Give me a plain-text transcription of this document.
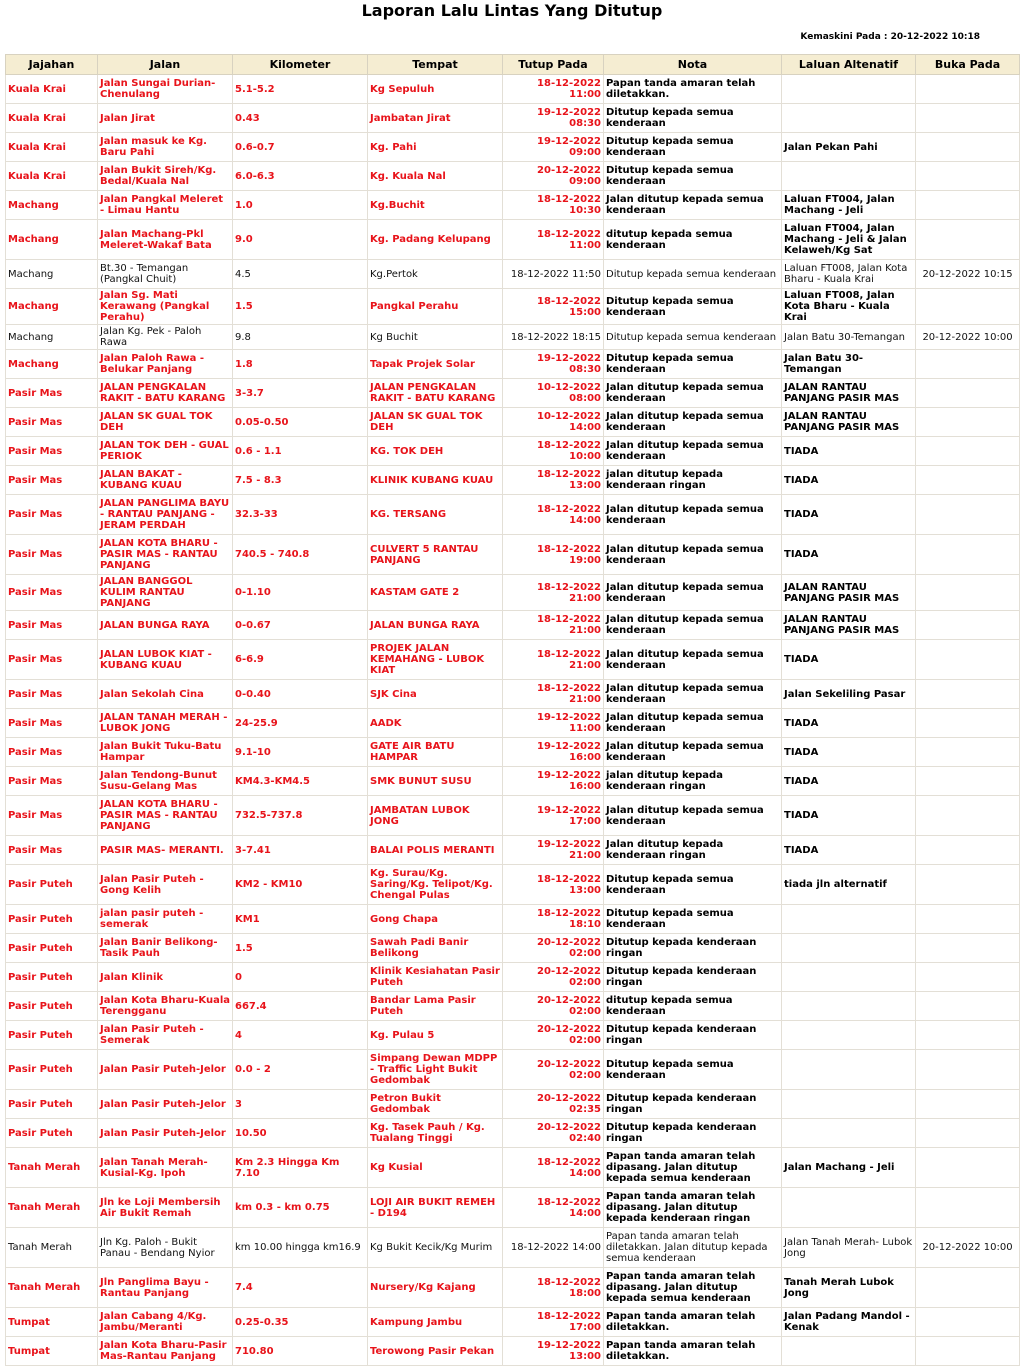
Laporan Lalu Lintas Yang Ditutup
Kemaskini Pada : 20-12-2022 10:18
Jajahan	Jalan	Kilometer	Tempat	Tutup Pada	Nota	Laluan Altenatif	Buka Pada
Kuala Krai	Jalan Sungai Durian-Chenulang	5.1-5.2	Kg Sepuluh	18-12-2022 11:00	Papan tanda amaran telah diletakkan.		
Kuala Krai	Jalan Jirat	0.43	Jambatan Jirat	19-12-2022 08:30	Ditutup kepada semua kenderaan		
Kuala Krai	Jalan masuk ke Kg. Baru Pahi	0.6-0.7	Kg. Pahi	19-12-2022 09:00	Ditutup kepada semua kenderaan	Jalan Pekan Pahi	
Kuala Krai	Jalan Bukit Sireh/Kg. Bedal/Kuala Nal	6.0-6.3	Kg. Kuala Nal	20-12-2022 09:00	Ditutup kepada semua kenderaan		
Machang	Jalan Pangkal Meleret - Limau Hantu	1.0	Kg.Buchit	18-12-2022 10:30	Jalan ditutup kepada semua kenderaan	Laluan FT004, Jalan Machang - Jeli	
Machang	Jalan Machang-Pkl Meleret-Wakaf Bata	9.0	Kg. Padang Kelupang	18-12-2022 11:00	ditutup kepada semua kenderaan	Laluan FT004, Jalan Machang - Jeli & Jalan Kelaweh/Kg Sat	
Machang	Bt.30 - Temangan (Pangkal Chuit)	4.5	Kg.Pertok	18-12-2022 11:50	Ditutup kepada semua kenderaan	Laluan FT008, Jalan Kota Bharu - Kuala Krai	20-12-2022 10:15
Machang	Jalan Sg. Mati Kerawang (Pangkal Perahu)	1.5	Pangkal Perahu	18-12-2022 15:00	Ditutup kepada semua kenderaan	Laluan FT008, Jalan Kota Bharu - Kuala Krai	
Machang	Jalan Kg. Pek - Paloh Rawa	9.8	Kg Buchit	18-12-2022 18:15	Ditutup kepada semua kenderaan	Jalan Batu 30-Temangan	20-12-2022 10:00
Machang	Jalan Paloh Rawa - Belukar Panjang	1.8	Tapak Projek Solar	19-12-2022 08:30	Ditutup kepada semua kenderaan	Jalan Batu 30-Temangan	
Pasir Mas	JALAN PENGKALAN RAKIT - BATU KARANG	3-3.7	JALAN PENGKALAN RAKIT - BATU KARANG	10-12-2022 08:00	Jalan ditutup kepada semua kenderaan	JALAN RANTAU PANJANG PASIR MAS	
Pasir Mas	JALAN SK GUAL TOK DEH	0.05-0.50	JALAN SK GUAL TOK DEH	10-12-2022 14:00	Jalan ditutup kepada semua kenderaan	JALAN RANTAU PANJANG PASIR MAS	
Pasir Mas	JALAN TOK DEH - GUAL PERIOK	0.6 - 1.1	KG. TOK DEH	18-12-2022 10:00	Jalan ditutup kepada semua kenderaan	TIADA	
Pasir Mas	JALAN BAKAT - KUBANG KUAU	7.5 - 8.3	KLINIK KUBANG KUAU	18-12-2022 13:00	jalan ditutup kepada kenderaan ringan	TIADA	
Pasir Mas	JALAN PANGLIMA BAYU - RANTAU PANJANG - JERAM PERDAH	32.3-33	KG. TERSANG	18-12-2022 14:00	Jalan ditutup kepada semua kenderaan	TIADA	
Pasir Mas	JALAN KOTA BHARU - PASIR MAS - RANTAU PANJANG	740.5 - 740.8	CULVERT 5 RANTAU PANJANG	18-12-2022 19:00	Jalan ditutup kepada semua kenderaan	TIADA	
Pasir Mas	JALAN BANGGOL KULIM RANTAU PANJANG	0-1.10	KASTAM GATE 2	18-12-2022 21:00	Jalan ditutup kepada semua kenderaan	JALAN RANTAU PANJANG PASIR MAS	
Pasir Mas	JALAN BUNGA RAYA	0-0.67	JALAN BUNGA RAYA	18-12-2022 21:00	Jalan ditutup kepada semua kenderaan	JALAN RANTAU PANJANG PASIR MAS	
Pasir Mas	JALAN LUBOK KIAT - KUBANG KUAU	6-6.9	PROJEK JALAN KEMAHANG - LUBOK KIAT	18-12-2022 21:00	Jalan ditutup kepada semua kenderaan	TIADA	
Pasir Mas	Jalan Sekolah Cina	0-0.40	SJK Cina	18-12-2022 21:00	Jalan ditutup kepada semua kenderaan	Jalan Sekeliling Pasar	
Pasir Mas	JALAN TANAH MERAH - LUBOK JONG	24-25.9	AADK	19-12-2022 11:00	Jalan ditutup kepada semua kenderaan	TIADA	
Pasir Mas	Jalan Bukit Tuku-Batu Hampar	9.1-10	GATE AIR BATU HAMPAR	19-12-2022 16:00	Jalan ditutup kepada semua kenderaan	TIADA	
Pasir Mas	Jalan Tendong-Bunut Susu-Gelang Mas	KM4.3-KM4.5	SMK BUNUT SUSU	19-12-2022 16:00	jalan ditutup kepada kenderaan ringan	TIADA	
Pasir Mas	JALAN KOTA BHARU - PASIR MAS - RANTAU PANJANG	732.5-737.8	JAMBATAN LUBOK JONG	19-12-2022 17:00	Jalan ditutup kepada semua kenderaan	TIADA	
Pasir Mas	PASIR MAS- MERANTI.	3-7.41	BALAI POLIS MERANTI	19-12-2022 21:00	Jalan ditutup kepada kenderaan ringan	TIADA	
Pasir Puteh	Jalan Pasir Puteh - Gong Kelih	KM2 - KM10	Kg. Surau/Kg. Saring/Kg. Telipot/Kg. Chengal Pulas	18-12-2022 13:00	Ditutup kepada semua kenderaan	tiada jln alternatif	
Pasir Puteh	jalan pasir puteh - semerak	KM1	Gong Chapa	18-12-2022 18:10	Ditutup kepada semua kenderaan		
Pasir Puteh	Jalan Banir Belikong-Tasik Pauh	1.5	Sawah Padi Banir Belikong	20-12-2022 02:00	Ditutup kepada kenderaan ringan		
Pasir Puteh	Jalan Klinik	0	Klinik Kesiahatan Pasir Puteh	20-12-2022 02:00	Ditutup kepada kenderaan ringan		
Pasir Puteh	Jalan Kota Bharu-Kuala Terengganu	667.4	Bandar Lama Pasir Puteh	20-12-2022 02:00	ditutup kepada semua kenderaan		
Pasir Puteh	Jalan Pasir Puteh - Semerak	4	Kg. Pulau 5	20-12-2022 02:00	Ditutup kepada kenderaan ringan		
Pasir Puteh	Jalan Pasir Puteh-Jelor	0.0 - 2	Simpang Dewan MDPP - Traffic Light Bukit Gedombak	20-12-2022 02:00	Ditutup kepada semua kenderaan		
Pasir Puteh	Jalan Pasir Puteh-Jelor	3	Petron Bukit Gedombak	20-12-2022 02:35	Ditutup kepada kenderaan ringan		
Pasir Puteh	Jalan Pasir Puteh-Jelor	10.50	Kg. Tasek Pauh / Kg. Tualang Tinggi	20-12-2022 02:40	Ditutup kepada kenderaan ringan		
Tanah Merah	Jalan Tanah Merah-Kusial-Kg. Ipoh	Km 2.3 Hingga Km 7.10	Kg Kusial	18-12-2022 14:00	Papan tanda amaran telah dipasang. Jalan ditutup kepada semua kenderaan	Jalan Machang - Jeli	
Tanah Merah	Jln ke Loji Membersih Air Bukit Remah	km 0.3 - km 0.75	LOJI AIR BUKIT REMEH - D194	18-12-2022 14:00	Papan tanda amaran telah dipasang. Jalan ditutup kepada kenderaan ringan		
Tanah Merah	Jln Kg. Paloh - Bukit Panau - Bendang Nyior	km 10.00 hingga km16.9	Kg Bukit Kecik/Kg Murim	18-12-2022 14:00	Papan tanda amaran telah diletakkan. Jalan ditutup kepada semua kenderaan	Jalan Tanah Merah- Lubok Jong	20-12-2022 10:00
Tanah Merah	Jln Panglima Bayu - Rantau Panjang	7.4	Nursery/Kg Kajang	18-12-2022 18:00	Papan tanda amaran telah dipasang. Jalan ditutup kepada semua kenderaan	Tanah Merah Lubok Jong	
Tumpat	Jalan Cabang 4/Kg. Jambu/Meranti	0.25-0.35	Kampung Jambu	18-12-2022 17:00	Papan tanda amaran telah diletakkan.	Jalan Padang Mandol - Kenak	
Tumpat	Jalan Kota Bharu-Pasir Mas-Rantau Panjang	710.80	Terowong Pasir Pekan	19-12-2022 13:00	Papan tanda amaran telah diletakkan.		
